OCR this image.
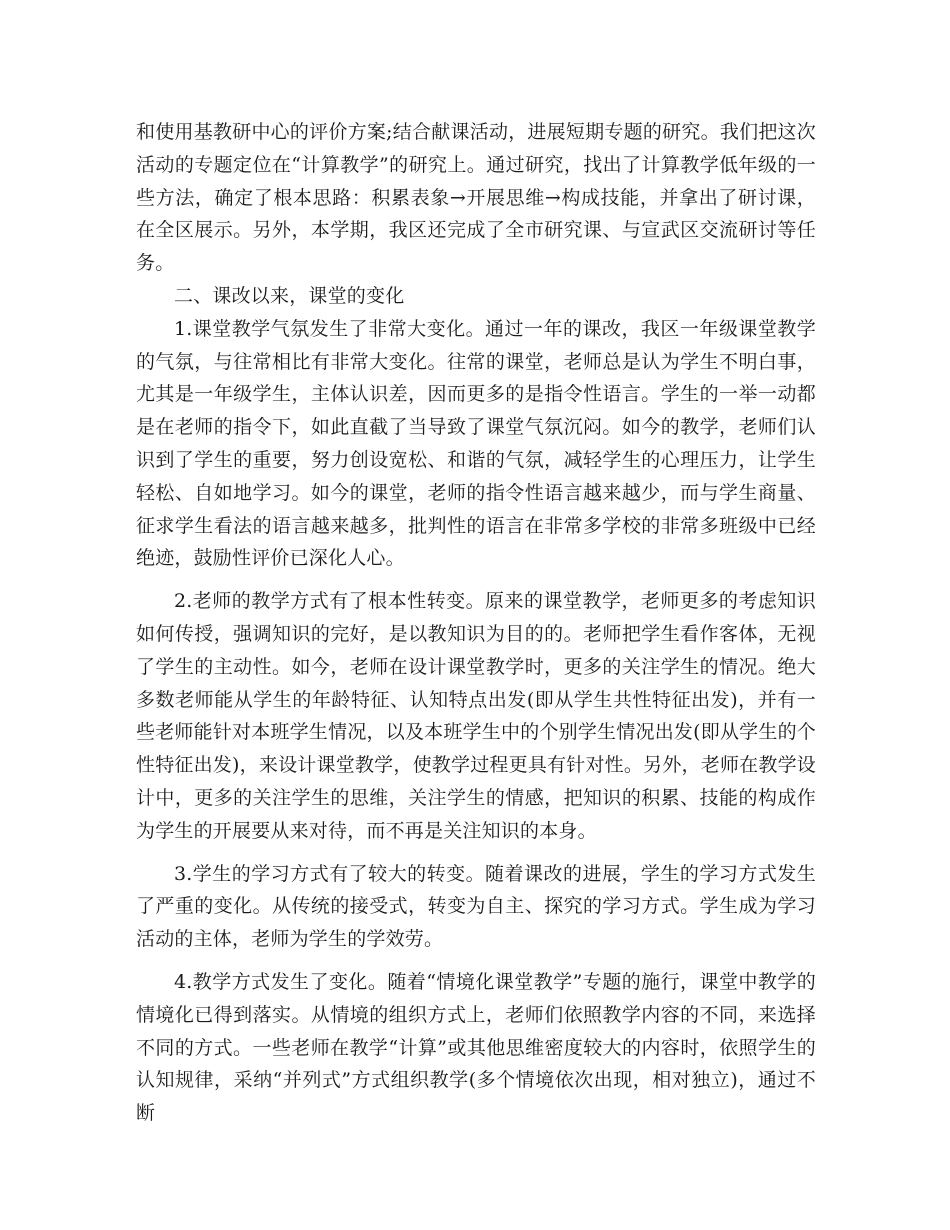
和使用基教研中心的评价方案;结合献课活动，进展短期专题的研究。我们把这次活动的专题定位在“计算教学”的研究上。通过研究，找出了计算教学低年级的一些方法，确定了根本思路：积累表象→开展思维→构成技能，并拿出了研讨课，在全区展示。另外，本学期，我区还完成了全市研究课、与宣武区交流研讨等任务。

二、课改以来，课堂的变化

1.课堂教学气氛发生了非常大变化。通过一年的课改，我区一年级课堂教学的气氛，与往常相比有非常大变化。往常的课堂，老师总是认为学生不明白事，尤其是一年级学生，主体认识差，因而更多的是指令性语言。学生的一举一动都是在老师的指令下，如此直截了当导致了课堂气氛沉闷。如今的教学，老师们认识到了学生的重要，努力创设宽松、和谐的气氛，减轻学生的心理压力，让学生轻松、自如地学习。如今的课堂，老师的指令性语言越来越少，而与学生商量、征求学生看法的语言越来越多，批判性的语言在非常多学校的非常多班级中已经绝迹，鼓励性评价已深化人心。

2.老师的教学方式有了根本性转变。原来的课堂教学，老师更多的考虑知识如何传授，强调知识的完好，是以教知识为目的的。老师把学生看作客体，无视了学生的主动性。如今，老师在设计课堂教学时，更多的关注学生的情况。绝大多数老师能从学生的年龄特征、认知特点出发(即从学生共性特征出发)，并有一些老师能针对本班学生情况，以及本班学生中的个别学生情况出发(即从学生的个性特征出发)，来设计课堂教学，使教学过程更具有针对性。另外，老师在教学设计中，更多的关注学生的思维，关注学生的情感，把知识的积累、技能的构成作为学生的开展要从来对待，而不再是关注知识的本身。

3.学生的学习方式有了较大的转变。随着课改的进展，学生的学习方式发生了严重的变化。从传统的接受式，转变为自主、探究的学习方式。学生成为学习活动的主体，老师为学生的学效劳。

4.教学方式发生了变化。随着“情境化课堂教学”专题的施行，课堂中教学的情境化已得到落实。从情境的组织方式上，老师们依照教学内容的不同，来选择不同的方式。一些老师在教学“计算”或其他思维密度较大的内容时，依照学生的认知规律，采纳“并列式”方式组织教学(多个情境依次出现，相对独立)，通过不断
